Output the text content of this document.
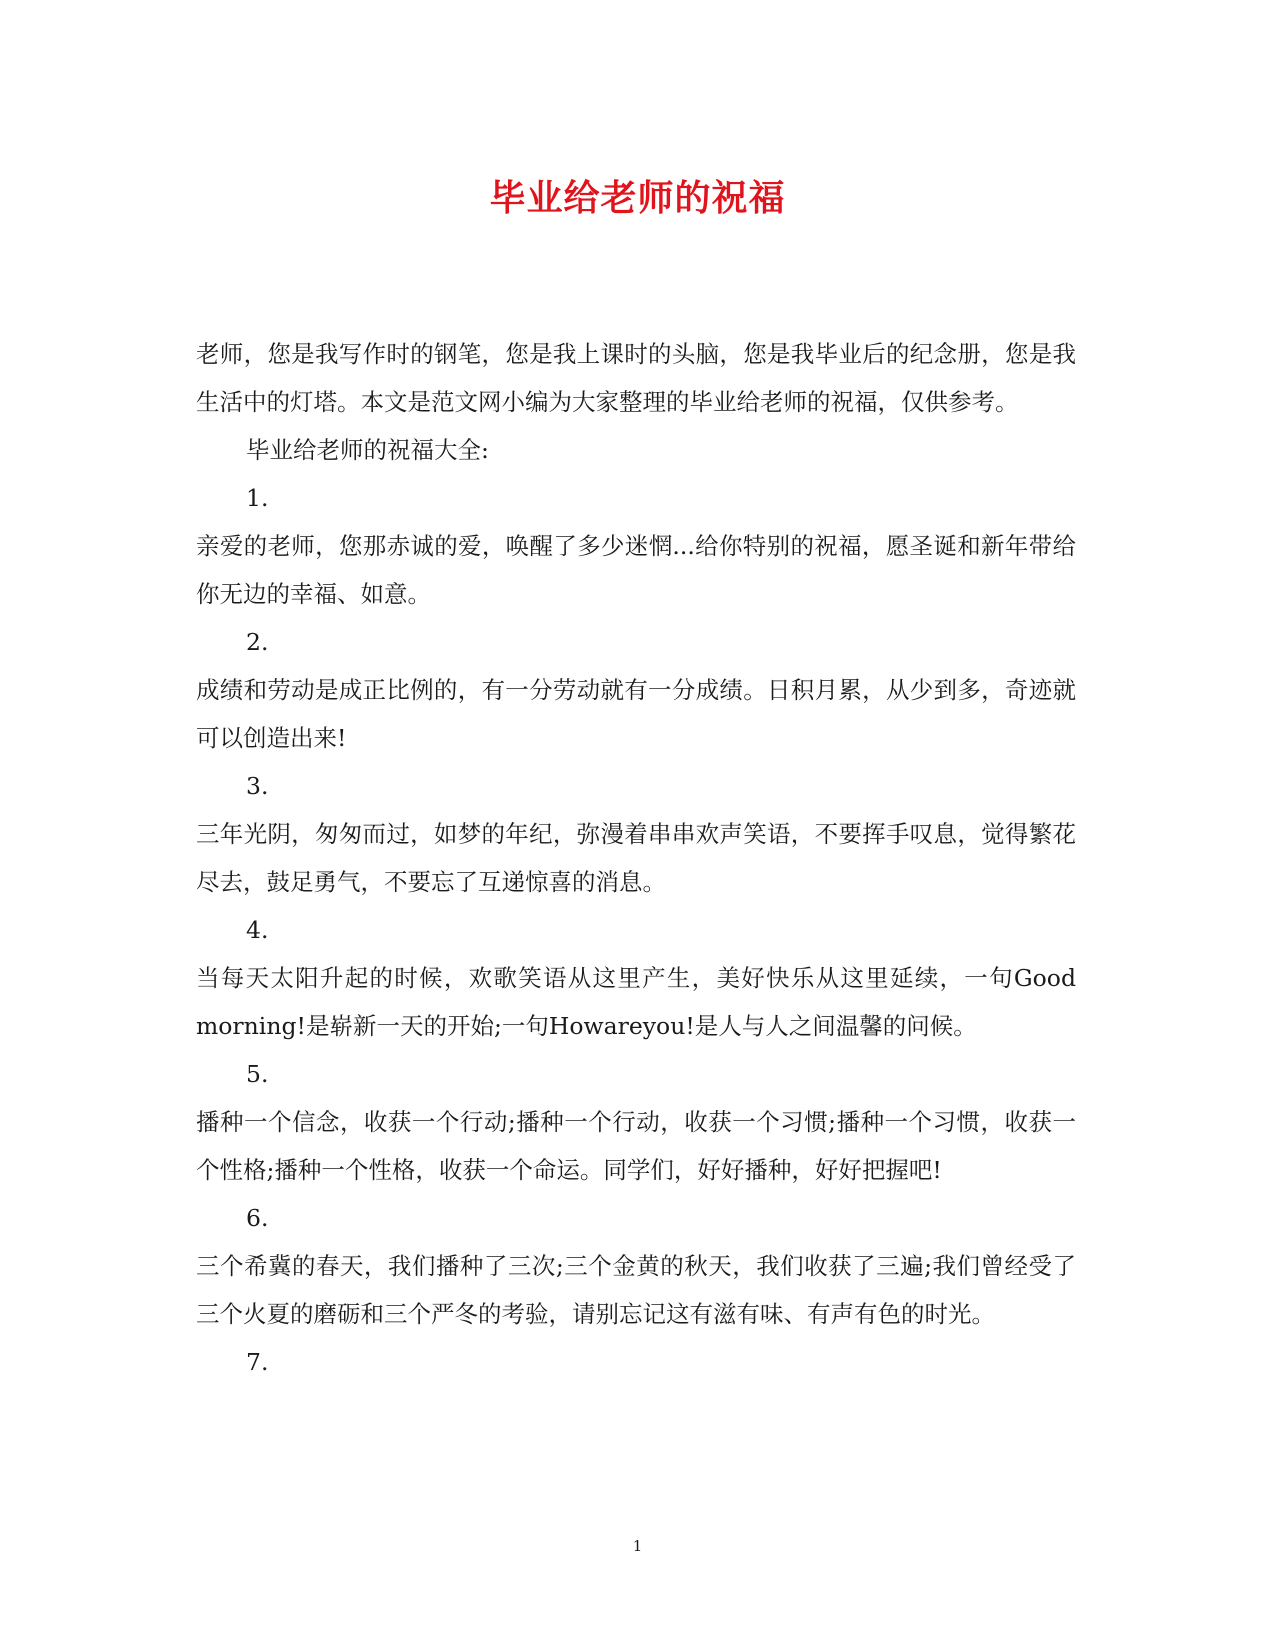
毕业给老师的祝福

老师，您是我写作时的钢笔，您是我上课时的头脑，您是我毕业后的纪念册，您是我生活中的灯塔。本文是范文网小编为大家整理的毕业给老师的祝福，仅供参考。

毕业给老师的祝福大全:

1.

亲爱的老师，您那赤诚的爱，唤醒了多少迷惘...给你特别的祝福，愿圣诞和新年带给你无边的幸福、如意。

2.

成绩和劳动是成正比例的，有一分劳动就有一分成绩。日积月累，从少到多，奇迹就可以创造出来!

3.

三年光阴，匆匆而过，如梦的年纪，弥漫着串串欢声笑语，不要挥手叹息，觉得繁花尽去，鼓足勇气，不要忘了互递惊喜的消息。

4.

当每天太阳升起的时候，欢歌笑语从这里产生，美好快乐从这里延续，一句Good morning!是崭新一天的开始;一句Howareyou!是人与人之间温馨的问候。

5.

播种一个信念，收获一个行动;播种一个行动，收获一个习惯;播种一个习惯，收获一个性格;播种一个性格，收获一个命运。同学们，好好播种，好好把握吧!

6.

三个希冀的春天，我们播种了三次;三个金黄的秋天，我们收获了三遍;我们曾经受了三个火夏的磨砺和三个严冬的考验，请别忘记这有滋有味、有声有色的时光。

7.

1
